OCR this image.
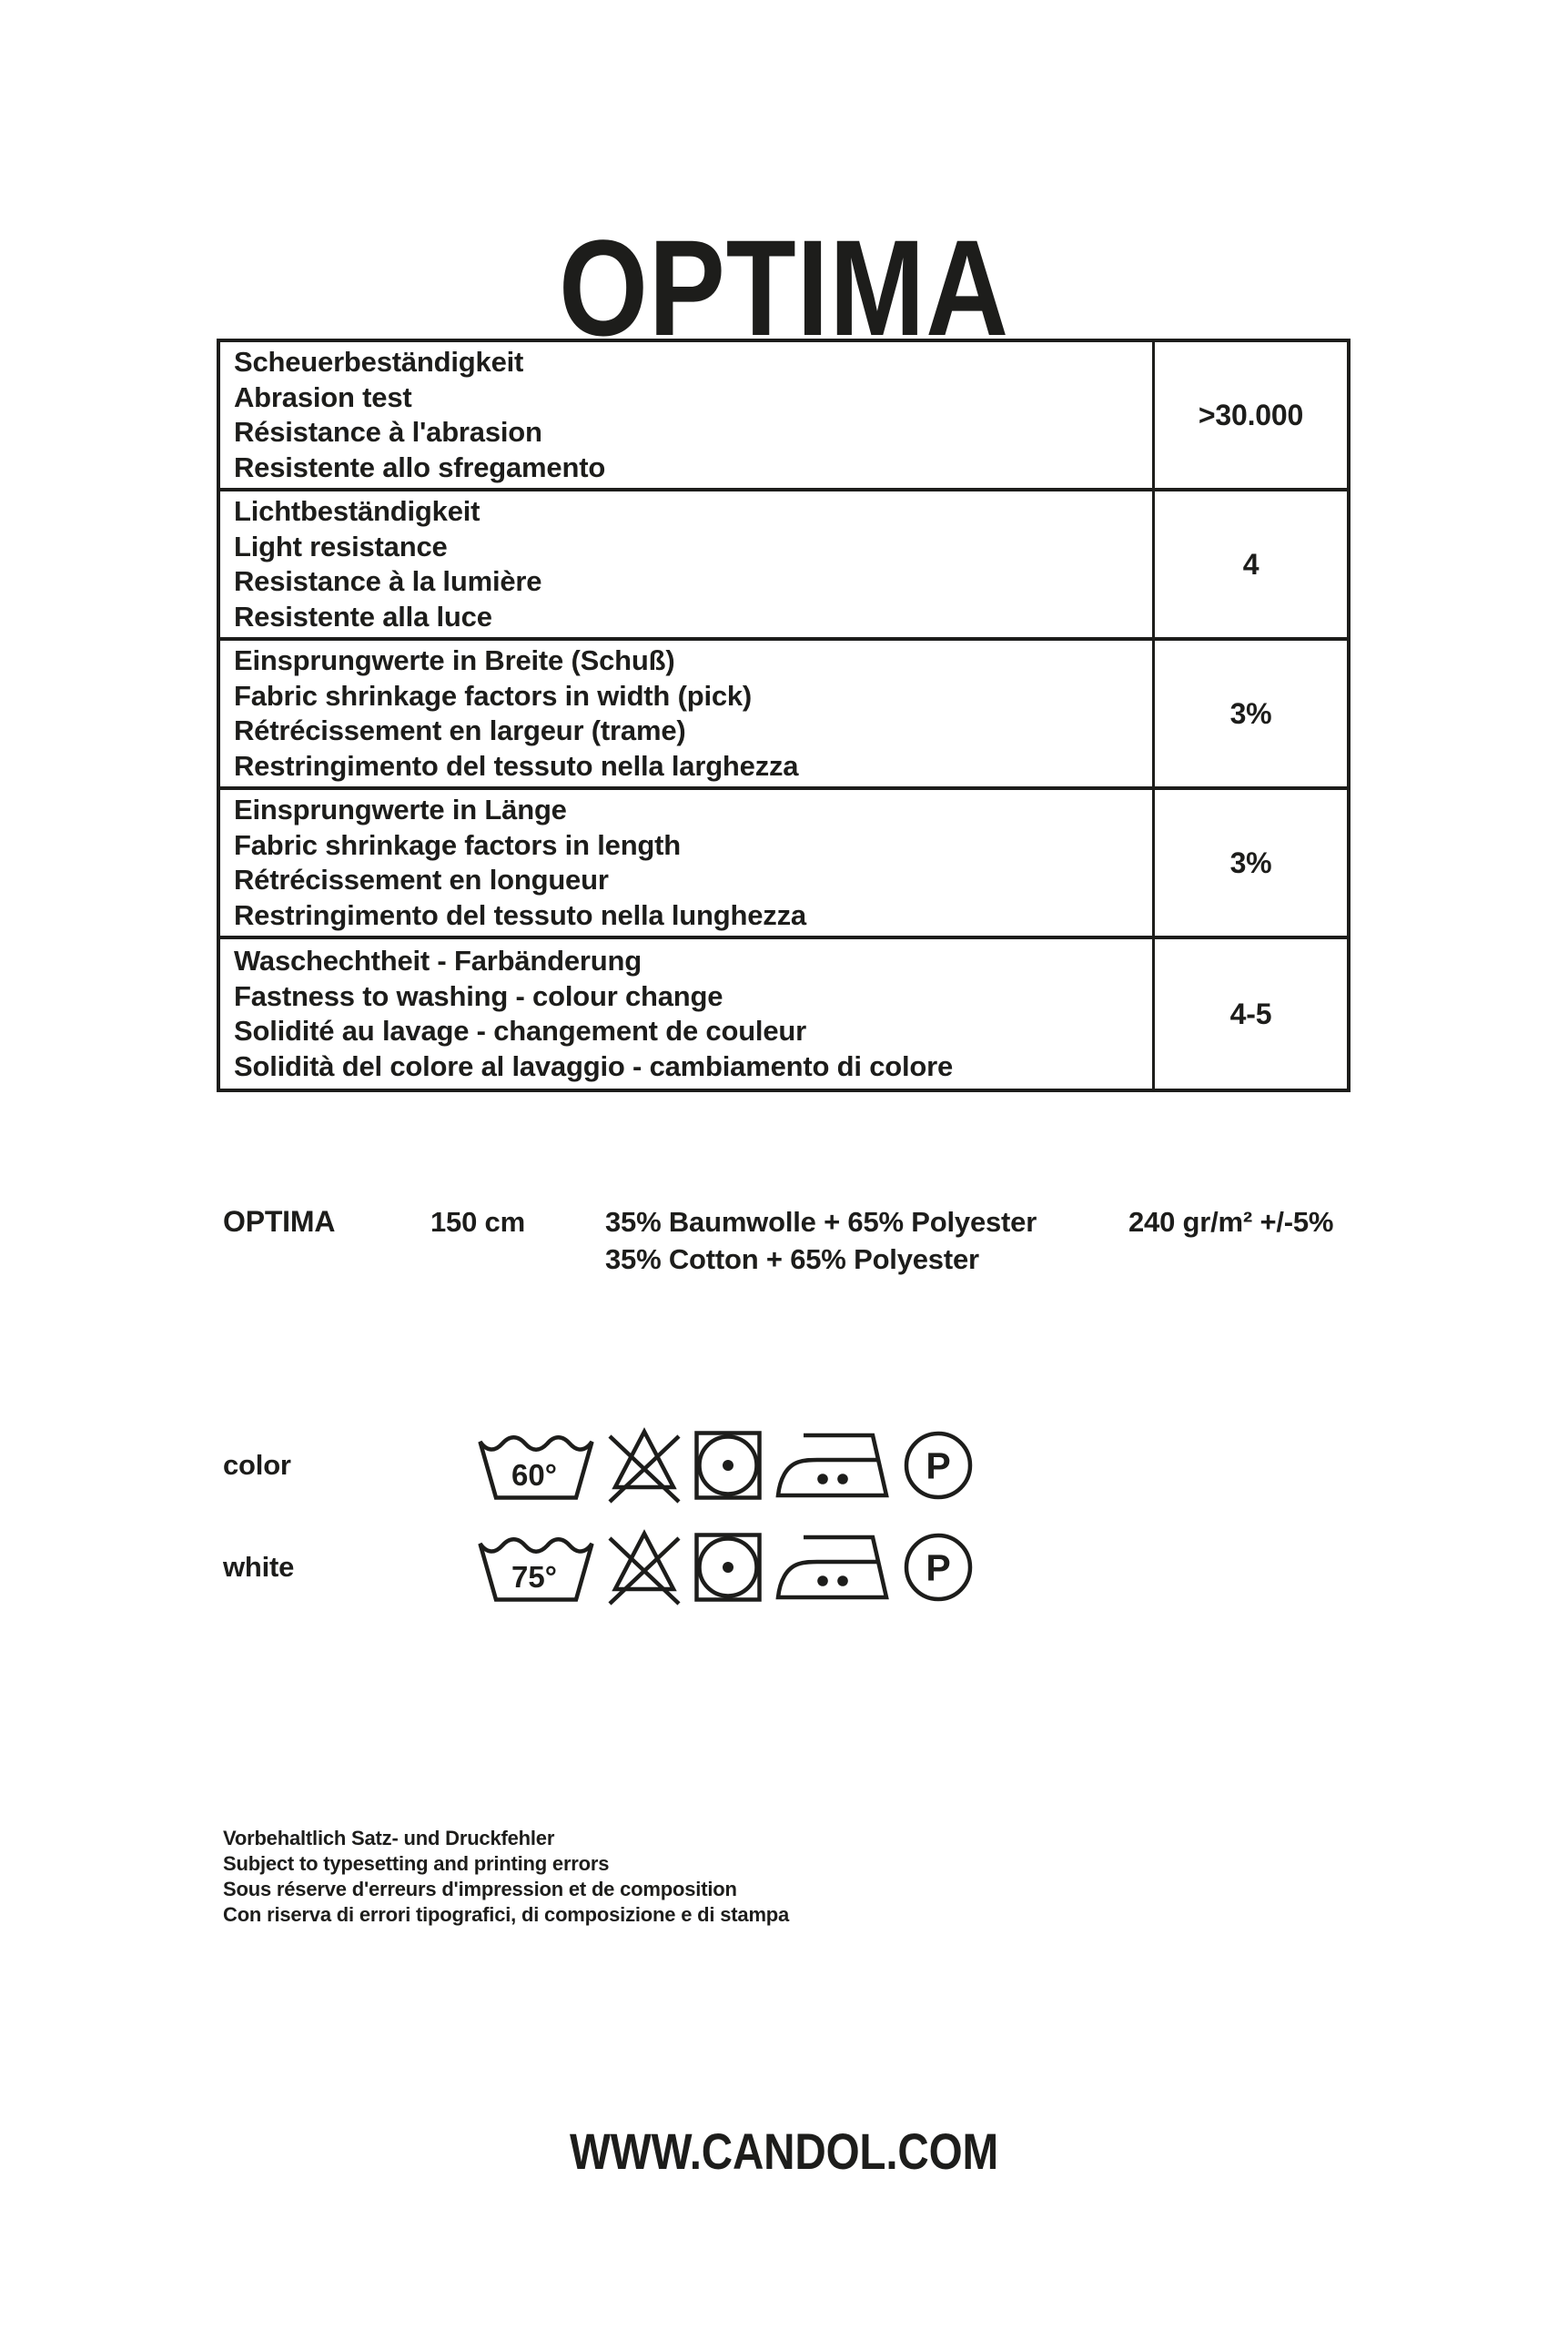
OPTIMA
Scheuerbeständigkeit
Abrasion test
Résistance à l'abrasion
Resistente allo sfregamento
>30.000
Lichtbeständigkeit
Light resistance
Resistance à la lumière
Resistente alla luce
4
Einsprungwerte in Breite (Schuß)
Fabric shrinkage factors in width (pick)
Rétrécissement en largeur (trame)
Restringimento del tessuto nella larghezza
3%
Einsprungwerte in Länge
Fabric shrinkage factors in length
Rétrécissement en longueur
Restringimento del tessuto nella lunghezza
3%
Waschechtheit - Farbänderung
Fastness to washing - colour change
Solidité au lavage - changement de couleur
Solidità del colore al lavaggio - cambiamento di colore
4-5
OPTIMA	150 cm	35% Baumwolle + 65% Polyester
35% Cotton + 65% Polyester
240 gr/m² +/-5%
color	60°	P
white	75°	P
Vorbehaltlich Satz- und Druckfehler
Subject to typesetting and printing errors
Sous réserve d'erreurs d'impression et de composition
Con riserva di errori tipografici, di composizione e di stampa
WWW.CANDOL.COM
